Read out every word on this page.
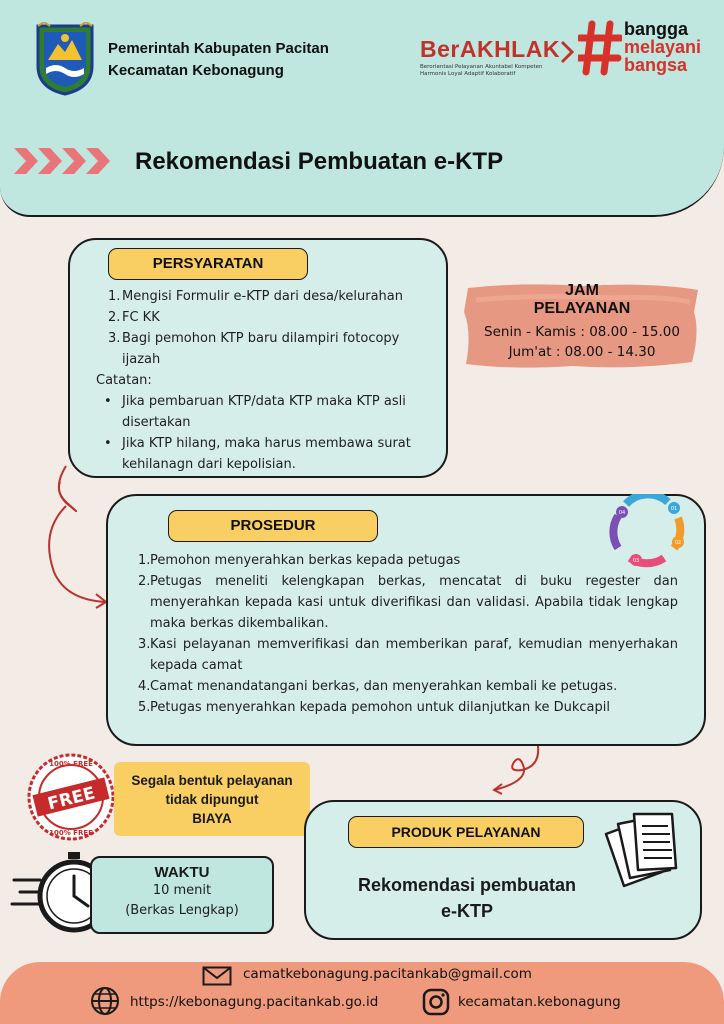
Pemerintah Kabupaten Pacitan
Kecamatan Kebonagung
BerAKHLAK
Berorientasi Pelayanan Akuntabel Kompeten
Harmonis Loyal Adaptif Kolaboratif
bangga
melayani
bangsa
Rekomendasi Pembuatan e-KTP
PERSYARATAN
1. Mengisi Formulir e-KTP dari desa/kelurahan
2. FC KK
3. Bagi pemohon KTP baru dilampiri fotocopy ijazah
Catatan:
• Jika pembaruan KTP/data KTP maka KTP asli disertakan
• Jika KTP hilang, maka harus membawa surat kehilanagn dari kepolisian.
JAM
PELAYANAN
Senin - Kamis : 08.00 - 15.00
Jum'at : 08.00 - 14.30
PROSEDUR
01
02
03
04
1. Pemohon menyerahkan berkas kepada petugas
2. Petugas meneliti kelengkapan berkas, mencatat di buku regester dan menyerahkan kepada kasi untuk diverifikasi dan validasi. Apabila tidak lengkap maka berkas dikembalikan.
3. Kasi pelayanan memverifikasi dan memberikan paraf, kemudian menyerhakan kepada camat
4. Camat menandatangani berkas, dan menyerahkan kembali ke petugas.
5. Petugas menyerahkan kepada pemohon untuk dilanjutkan ke Dukcapil
100% FREE
100% FREE
FREE
Segala bentuk pelayanan
tidak dipungut
BIAYA
WAKTU
10 menit
(Berkas Lengkap)
PRODUK PELAYANAN
Rekomendasi pembuatan
e-KTP
camatkebonagung.pacitankab@gmail.com
https://kebonagung.pacitankab.go.id	kecamatan.kebonagung
